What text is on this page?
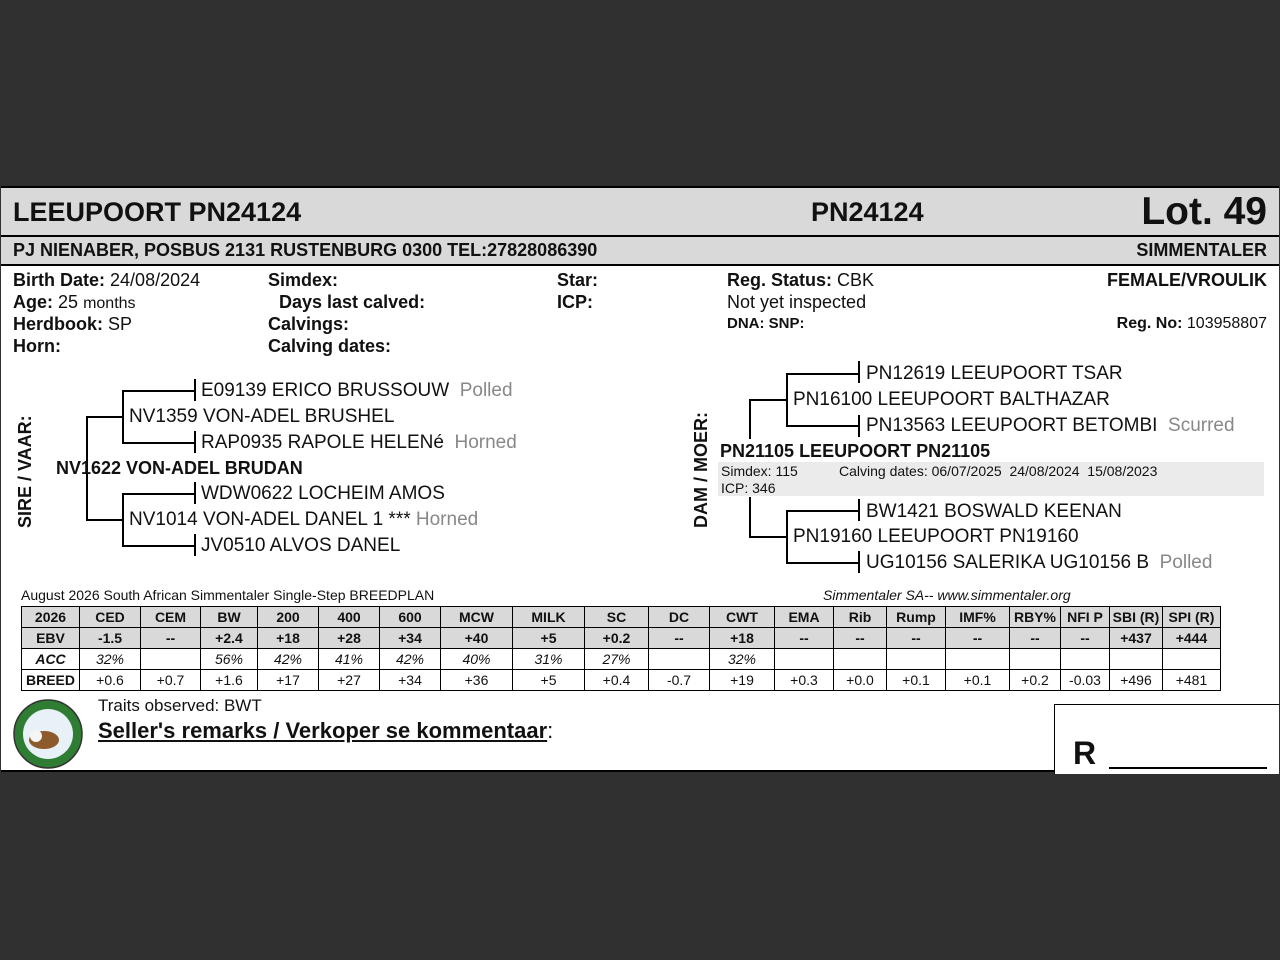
LEEUPOORT PN24124	PN24124	Lot. 49
PJ NIENABER, POSBUS 2131 RUSTENBURG 0300 TEL:27828086390	SIMMENTALER
Birth Date: 24/08/2024
Age: 25 months
Herdbook: SP
Horn:
Simdex:
Days last calved:
Calvings:
Calving dates:
Star:
ICP:
Reg. Status: CBK
Not yet inspected
DNA: SNP:
FEMALE/VROULIK
Reg. No: 103958807
SIRE / VAAR:
E09139 ERICO BRUSSOUW Polled
NV1359 VON-ADEL BRUSHEL
RAP0935 RAPOLE HELENé Horned
NV1622 VON-ADEL BRUDAN
WDW0622 LOCHEIM AMOS
NV1014 VON-ADEL DANEL 1 *** Horned
JV0510 ALVOS DANEL
DAM / MOER:
PN12619 LEEUPOORT TSAR
PN16100 LEEUPOORT BALTHAZAR
PN13563 LEEUPOORT BETOMBI Scurred
PN21105 LEEUPOORT PN21105
Simdex: 115	Calving dates: 06/07/2025  24/08/2024  15/08/2023
ICP: 346
BW1421 BOSWALD KEENAN
PN19160 LEEUPOORT PN19160
UG10156 SALERIKA UG10156 B Polled
August 2026 South African Simmentaler Single-Step BREEDPLAN	Simmentaler SA-- www.simmentaler.org
2026	CED	CEM	BW	200	400	600	MCW	MILK	SC	DC	CWT	EMA	Rib	Rump	IMF%	RBY%	NFI P	SBI (R)	SPI (R)
EBV	-1.5	--	+2.4	+18	+28	+34	+40	+5	+0.2	--	+18	--	--	--	--	--	--	+437	+444
ACC	32%		56%	42%	41%	42%	40%	31%	27%		32%								
BREED	+0.6	+0.7	+1.6	+17	+27	+34	+36	+5	+0.4	-0.7	+19	+0.3	+0.0	+0.1	+0.1	+0.2	-0.03	+496	+481
Traits observed: BWT
Seller's remarks / Verkoper se kommentaar:
R
